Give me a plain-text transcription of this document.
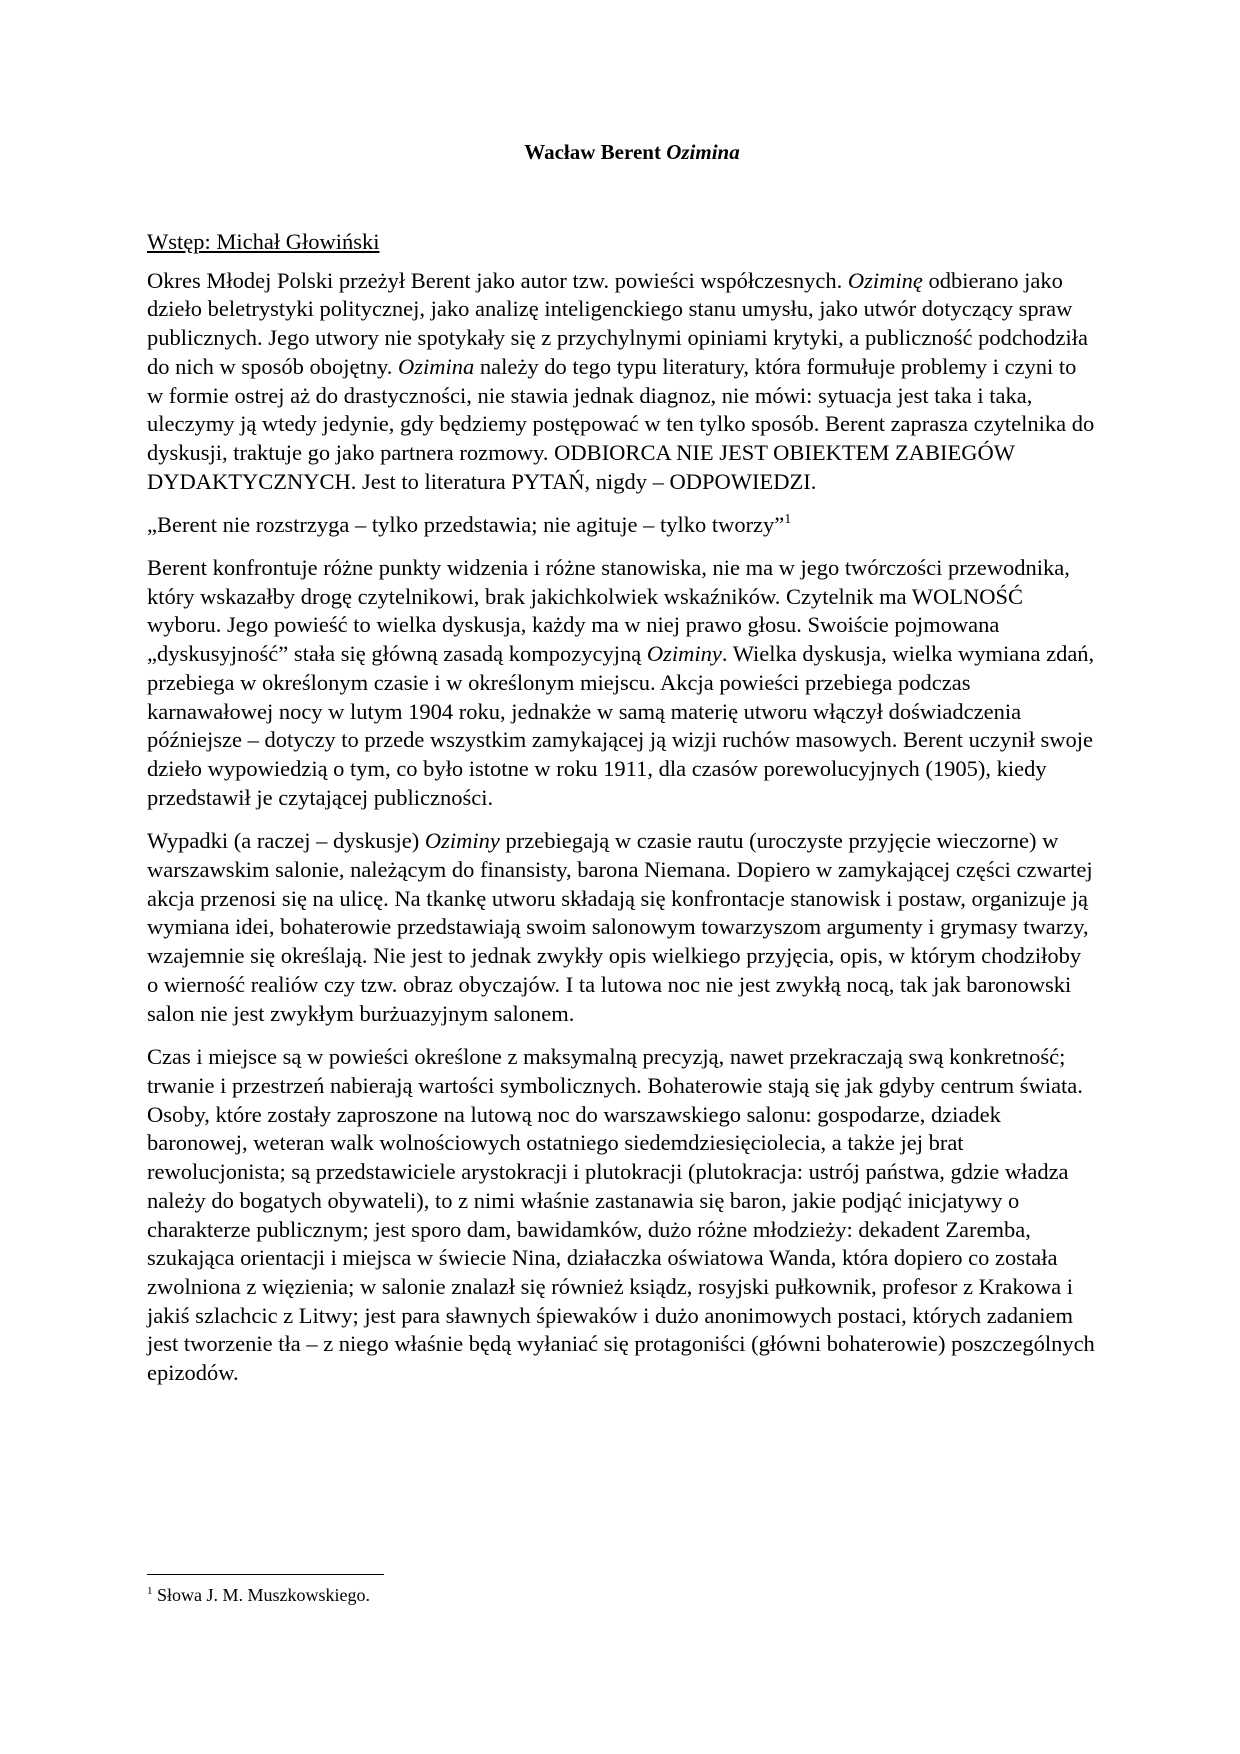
Wacław Berent Ozimina
Wstęp: Michał Głowiński
Okres Młodej Polski przeżył Berent jako autor tzw. powieści współczesnych. Oziminę odbierano jako dzieło beletrystyki politycznej, jako analizę inteligenckiego stanu umysłu, jako utwór dotyczący spraw publicznych. Jego utwory nie spotykały się z przychylnymi opiniami krytyki, a publiczność podchodziła do nich w sposób obojętny. Ozimina należy do tego typu literatury, która formułuje problemy i czyni to w formie ostrej aż do drastyczności, nie stawia jednak diagnoz, nie mówi: sytuacja jest taka i taka, uleczymy ją wtedy jedynie, gdy będziemy postępować w ten tylko sposób. Berent zaprasza czytelnika do dyskusji, traktuje go jako partnera rozmowy. ODBIORCA NIE JEST OBIEKTEM ZABIEGÓW DYDAKTYCZNYCH. Jest to literatura PYTAŃ, nigdy – ODPOWIEDZI.
„Berent nie rozstrzyga – tylko przedstawia; nie agituje – tylko tworzy”$^1$
Berent konfrontuje różne punkty widzenia i różne stanowiska, nie ma w jego twórczości przewodnika, który wskazałby drogę czytelnikowi, brak jakichkolwiek wskaźników. Czytelnik ma WOLNOŚĆ wyboru. Jego powieść to wielka dyskusja, każdy ma w niej prawo głosu. Swoiście pojmowana „dyskusyjność” stała się główną zasadą kompozycyjną Oziminy. Wielka dyskusja, wielka wymiana zdań, przebiega w określonym czasie i w określonym miejscu. Akcja powieści przebiega podczas karnawałowej nocy w lutym 1904 roku, jednakże w samą materię utworu włączył doświadczenia późniejsze – dotyczy to przede wszystkim zamykającej ją wizji ruchów masowych. Berent uczynił swoje dzieło wypowiedzią o tym, co było istotne w roku 1911, dla czasów porewolucyjnych (1905), kiedy przedstawił je czytającej publiczności.
Wypadki (a raczej – dyskusje) Oziminy przebiegają w czasie rautu (uroczyste przyjęcie wieczorne) w warszawskim salonie, należącym do finansisty, barona Niemana. Dopiero w zamykającej części czwartej akcja przenosi się na ulicę. Na tkankę utworu składają się konfrontacje stanowisk i postaw, organizuje ją wymiana idei, bohaterowie przedstawiają swoim salonowym towarzyszom argumenty i grymasy twarzy, wzajemnie się określają. Nie jest to jednak zwykły opis wielkiego przyjęcia, opis, w którym chodziłoby o wierność realiów czy tzw. obraz obyczajów. I ta lutowa noc nie jest zwykłą nocą, tak jak baronowski salon nie jest zwykłym burżuazyjnym salonem.
Czas i miejsce są w powieści określone z maksymalną precyzją, nawet przekraczają swą konkretność; trwanie i przestrzeń nabierają wartości symbolicznych. Bohaterowie stają się jak gdyby centrum świata. Osoby, które zostały zaproszone na lutową noc do warszawskiego salonu: gospodarze, dziadek baronowej, weteran walk wolnościowych ostatniego siedemdziesięciolecia, a także jej brat rewolucjonista; są przedstawiciele arystokracji i plutokracji (plutokracja: ustrój państwa, gdzie władza należy do bogatych obywateli), to z nimi właśnie zastanawia się baron, jakie podjąć inicjatywy o charakterze publicznym; jest sporo dam, bawidamków, dużo różne młodzieży: dekadent Zaremba, szukająca orientacji i miejsca w świecie Nina, działaczka oświatowa Wanda, która dopiero co została zwolniona z więzienia; w salonie znalazł się również ksiądz, rosyjski pułkownik, profesor z Krakowa i jakiś szlachcic z Litwy; jest para sławnych śpiewaków i dużo anonimowych postaci, których zadaniem jest tworzenie tła – z niego właśnie będą wyłaniać się protagoniści (główni bohaterowie) poszczególnych epizodów.
$^1$ Słowa J. M. Muszkowskiego.
